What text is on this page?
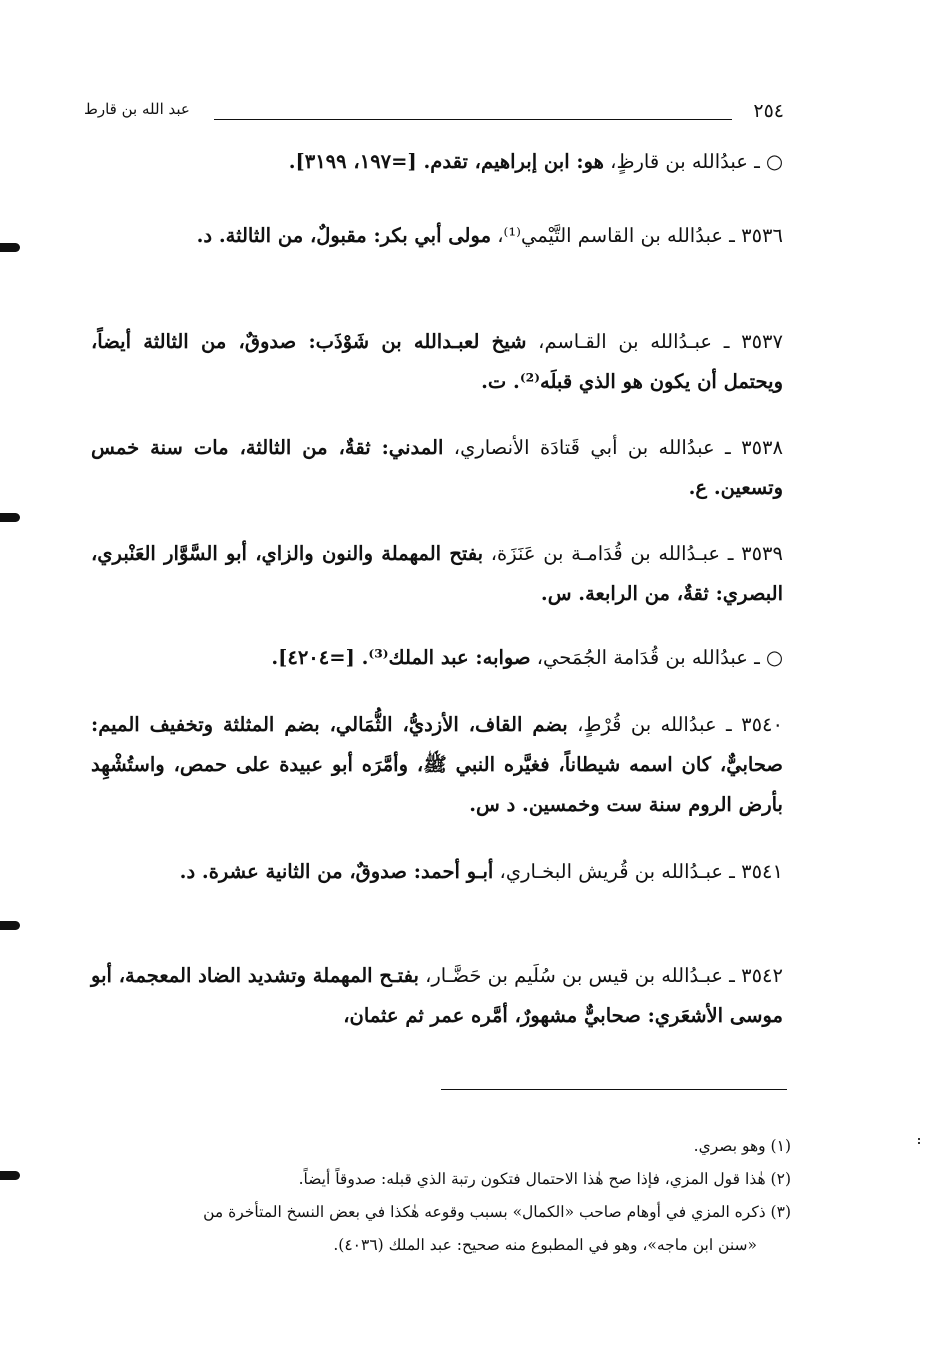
٢٥٤
عبد الله بن قارط

○ ـ عبدُالله بن قارظٍ، هو: ابن إبراهيم، تقدم. [=١٩٧، ٣١٩٩].

٣٥٣٦ ـ عبدُالله بن القاسم التَّيْمي⁽¹⁾، مولى أبي بكر: مقبولٌ، من الثالثة. د.

٣٥٣٧ ـ عبـدُالله بن القـاسم، شيخ لعبـدالله بن شَوْذَب: صدوقٌ، من الثالثة أيضاً، ويحتمل أن يكون هو الذي قبلَه⁽²⁾. ت.

٣٥٣٨ ـ عبدُالله بن أبي قَتادَة الأنصاري، المدني: ثقةٌ، من الثالثة، مات سنة خمس وتسعين. ع.

٣٥٣٩ ـ عبـدُالله بن قُدَامـة بن عَنَزَة، بفتح المهملة والنون والزاي، أبو السَّوَّار العَنْبري، البصري: ثقةٌ، من الرابعة. س.

○ ـ عبدُالله بن قُدَامة الجُمَحي، صوابه: عبد الملك⁽³⁾. [=٤٢٠٤].

٣٥٤٠ ـ عبدُالله بن قُرْطٍ، بضم القاف، الأزديُّ، الثُّمَالي، بضم المثلثة وتخفيف الميم: صحابيٌّ، كان اسمه شيطاناً، فغيَّره النبي ﷺ، وأمَّرَه أبو عبيدة على حمص، واستُشْهِد بأرض الروم سنة ست وخمسين. د س.

٣٥٤١ ـ عبـدُالله بن قُريش البخـاري، أبـو أحمد: صدوقٌ، من الثانية عشرة. د.

٣٥٤٢ ـ عبـدُالله بن قيس بن سُلَيم بن حَضَّـار، بفتـح المهملة وتشديد الضاد المعجمة، أبو موسى الأشعَري: صحابيٌّ مشهورٌ، أمَّره عمر ثم عثمان،

(١) وهو بصري.

(٢) هٰذا قول المزي، فإذا صح هٰذا الاحتمال فتكون رتبة الذي قبله: صدوقاً أيضاً.

(٣) ذكره المزي في أوهام صاحب «الكمال» بسبب وقوعه هٰكذا في بعض النسخ المتأخرة من

«سنن ابن ماجه»، وهو في المطبوع منه صحيح: عبد الملك (٤٠٣٦).
